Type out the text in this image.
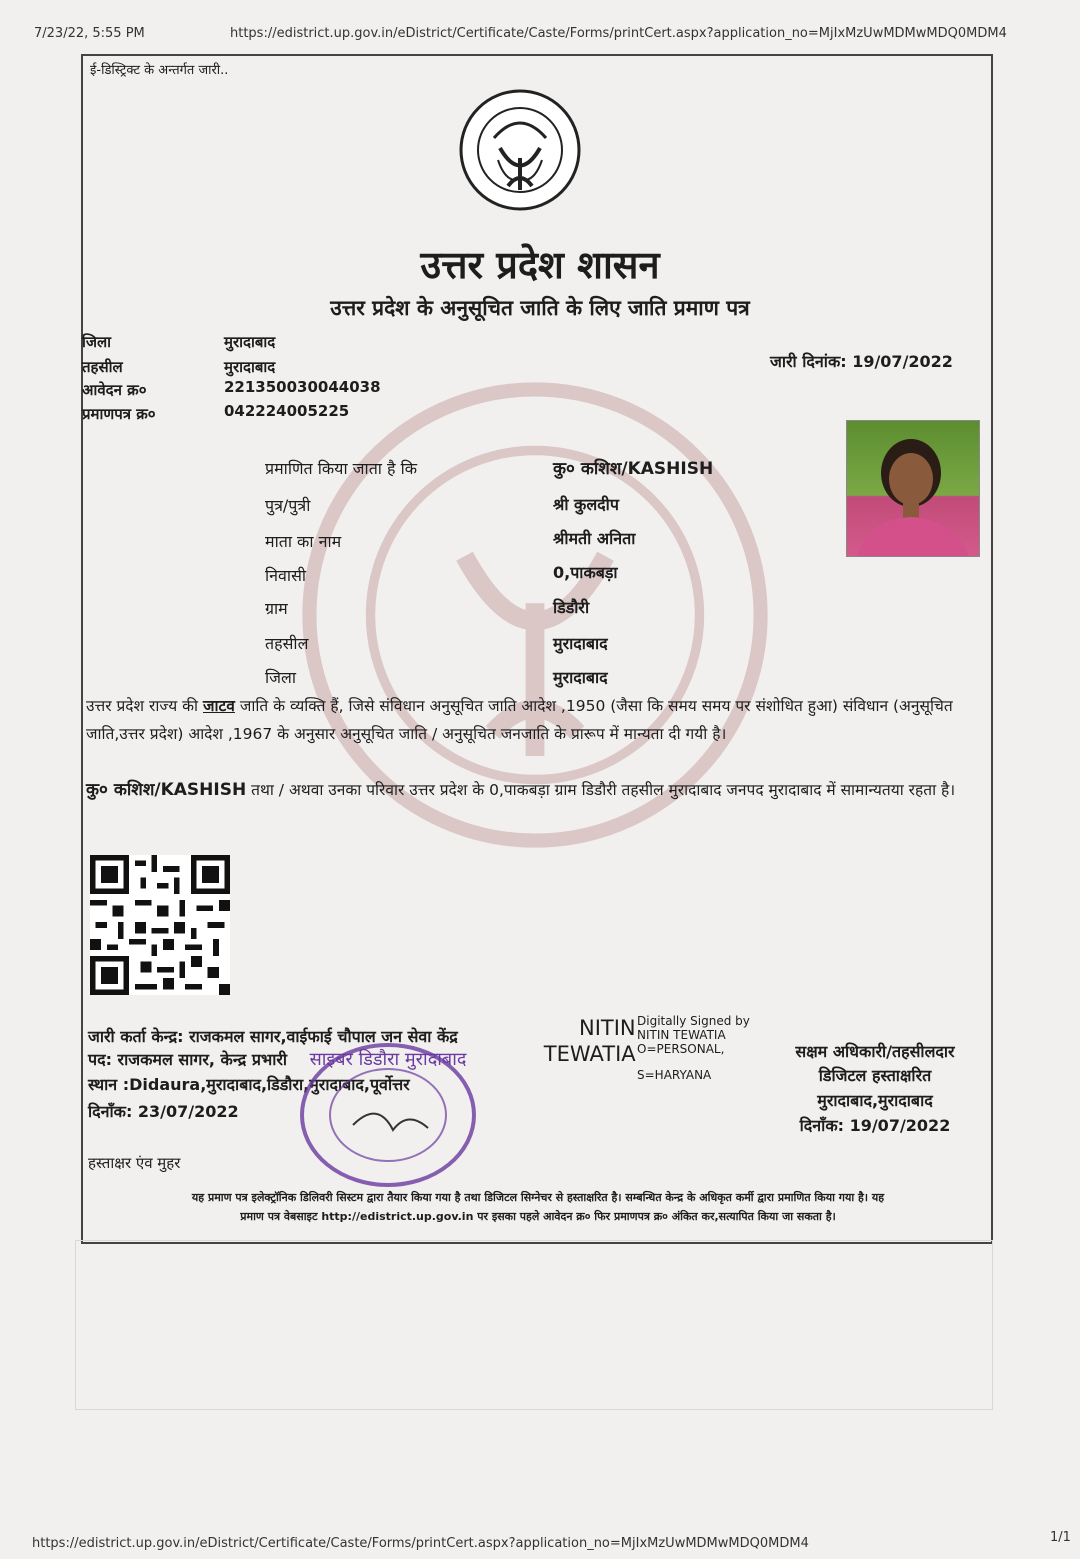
7/23/22, 5:55 PM	https://edistrict.up.gov.in/eDistrict/Certificate/Caste/Forms/printCert.aspx?application_no=MjIxMzUwMDMwMDQ0MDM4
ई-डिस्ट्रिक्ट के अन्तर्गत जारी..
उत्तर प्रदेश शासन
उत्तर प्रदेश के अनुसूचित जाति के लिए जाति प्रमाण पत्र
जिला	मुरादाबाद
तहसील	मुरादाबाद
आवेदन क्र०	221350030044038
प्रमाणपत्र क्र०	042224005225
जारी दिनांक: 19/07/2022
प्रमाणित किया जाता है कि	कु० कशिश/KASHISH
पुत्र/पुत्री	श्री कुलदीप
माता का नाम	श्रीमती अनिता
निवासी	0,पाकबड़ा
ग्राम	डिडौरी
तहसील	मुरादाबाद
जिला	मुरादाबाद
उत्तर प्रदेश राज्य की जाटव जाति के व्यक्ति हैं, जिसे संविधान अनुसूचित जाति आदेश ,1950 (जैसा कि समय समय पर संशोधित हुआ) संविधान (अनुसूचित जाति,उत्तर प्रदेश) आदेश ,1967 के अनुसार अनुसूचित जाति / अनुसूचित जनजाति के प्रारूप में मान्यता दी गयी है।
कु० कशिश/KASHISH तथा / अथवा उनका परिवार उत्तर प्रदेश के 0,पाकबड़ा ग्राम डिडौरी तहसील मुरादाबाद जनपद मुरादाबाद में सामान्यतया रहता है।
जारी कर्ता केन्द्र: राजकमल सागर,वाईफाई चौपाल जन सेवा केंद्र
पद: राजकमल सागर, केन्द्र प्रभारी
स्थान :Didaura,मुरादाबाद,डिडौरा,मुरादाबाद,पूर्वोत्तर
दिनाँक: 23/07/2022
हस्ताक्षर एंव मुहर
साइबर डिडौरा मुरादाबाद
NITIN
TEWATIA
Digitally Signed by
NITIN TEWATIA
O=PERSONAL,
S=HARYANA
सक्षम अधिकारी/तहसीलदार
डिजिटल हस्ताक्षरित
मुरादाबाद,मुरादाबाद
दिनाँक: 19/07/2022
यह प्रमाण पत्र इलेक्ट्रॉनिक डिलिवरी सिस्टम द्वारा तैयार किया गया है तथा डिजिटल सिग्नेचर से हस्ताक्षरित है। सम्बन्धित केन्द्र के अधिकृत कर्मी द्वारा प्रमाणित किया गया है। यह
प्रमाण पत्र वेबसाइट http://edistrict.up.gov.in पर इसका पहले आवेदन क्र० फिर प्रमाणपत्र क्र० अंकित कर,सत्यापित किया जा सकता है।
https://edistrict.up.gov.in/eDistrict/Certificate/Caste/Forms/printCert.aspx?application_no=MjIxMzUwMDMwMDQ0MDM4	1/1
